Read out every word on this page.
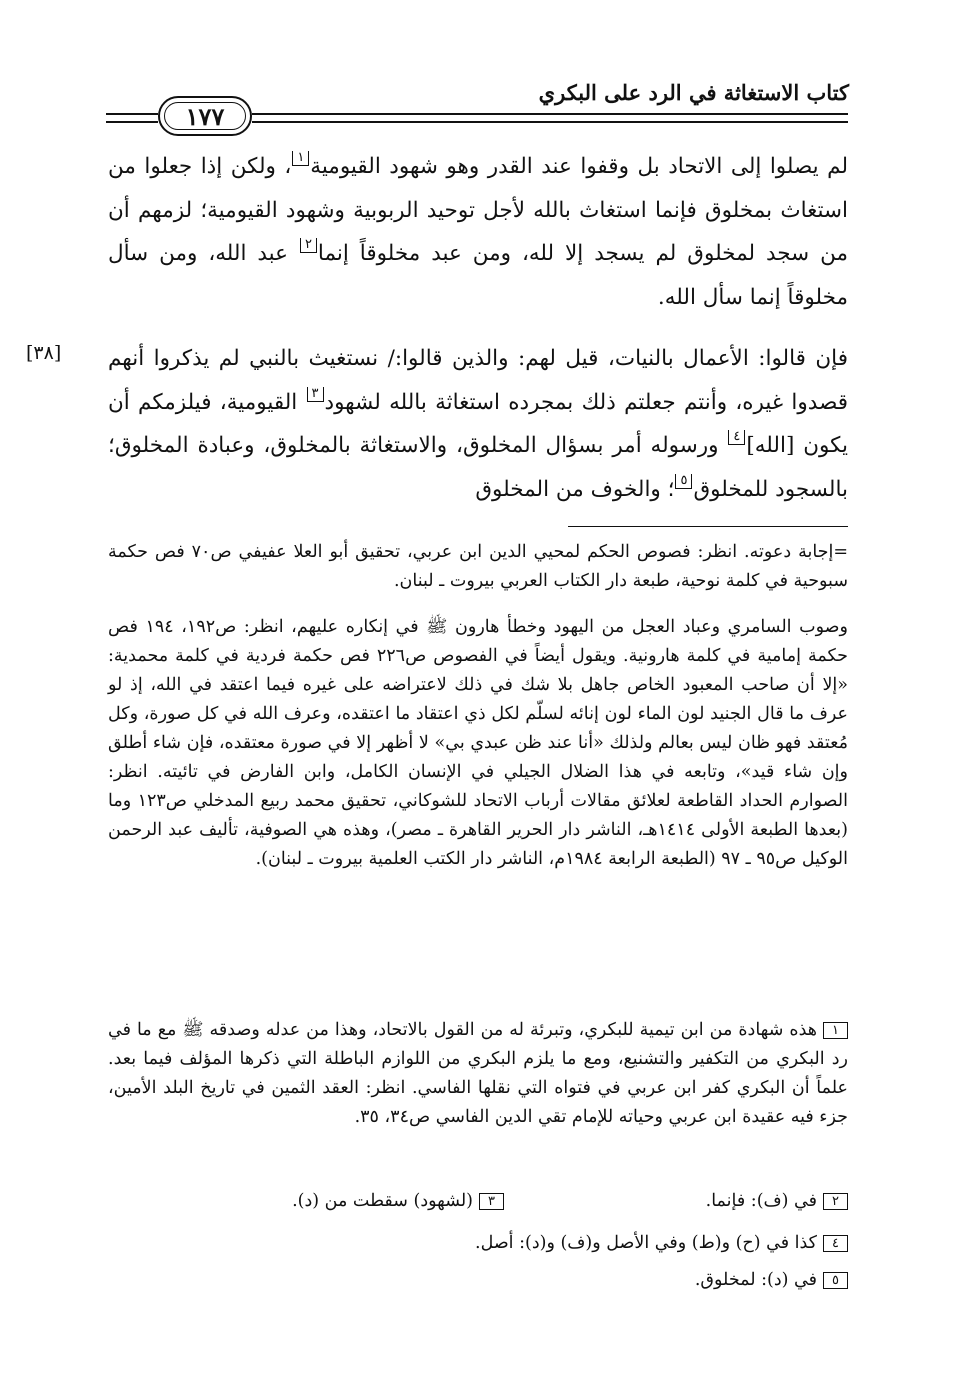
كتاب الاستغاثة في الرد على البكري
١٧٧
لم يصلوا إلى الاتحاد بل وقفوا عند القدر وهو شهود القيومية١، ولكن إذا جعلوا من استغاث بمخلوق فإنما استغاث بالله لأجل توحيد الربوبية وشهود القيومية؛ لزمهم أن من سجد لمخلوق لم يسجد إلا لله، ومن عبد مخلوقاً إنما٢ عبد الله، ومن سأل مخلوقاً إنما سأل الله.
[٣٨] فإن قالوا: الأعمال بالنيات، قيل لهم: والذين قالوا:/ نستغيث بالنبي لم يذكروا أنهم قصدوا غيره، وأنتم جعلتم ذلك بمجرده استغاثة بالله لشهود٣ القيومية، فيلزمكم أن يكون [الله]٤ ورسوله أمر بسؤال المخلوق، والاستغاثة بالمخلوق، وعبادة المخلوق؛ بالسجود للمخلوق٥؛ والخوف من المخلوق
=إجابة دعوته. انظر: فصوص الحكم لمحيي الدين ابن عربي، تحقيق أبو العلا عفيفي ص٧٠ فص حكمة سبوحية في كلمة نوحية، طبعة دار الكتاب العربي بيروت ـ لبنان.
وصوب السامري وعباد العجل من اليهود وخطأ هارون ﷺ في إنكاره عليهم، انظر: ص١٩٢، ١٩٤ فص حكمة إمامية في كلمة هارونية. ويقول أيضاً في الفصوص ص٢٢٦ فص حكمة فردية في كلمة محمدية: «إلا أن صاحب المعبود الخاص جاهل بلا شك في ذلك لاعتراضه على غيره فيما اعتقد في الله، إذ لو عرف ما قال الجنيد لون الماء لون إنائه لسلّم لكل ذي اعتقاد ما اعتقده، وعرف الله في كل صورة، وكل مُعتقد فهو ظان ليس بعالم ولذلك «أنا عند ظن عبدي بي» لا أظهر إلا في صورة معتقده، فإن شاء أطلق وإن شاء قيد»، وتابعه في هذا الضلال الجيلي في الإنسان الكامل، وابن الفارض في تائيته. انظر: الصوارم الحداد القاطعة لعلائق مقالات أرباب الاتحاد للشوكاني، تحقيق محمد ربيع المدخلي ص١٢٣ وما (بعدها الطبعة الأولى ١٤١٤هـ، الناشر دار الحرير القاهرة ـ مصر)، وهذه هي الصوفية، تأليف عبد الرحمن الوكيل ص٩٥ ـ ٩٧ (الطبعة الرابعة ١٩٨٤م، الناشر دار الكتب العلمية بيروت ـ لبنان).
١هذه شهادة من ابن تيمية للبكري، وتبرئة له من القول بالاتحاد، وهذا من عدله وصدقه ﷺ مع ما في رد البكري من التكفير والتشنيع، ومع ما يلزم البكري من اللوازم الباطلة التي ذكرها المؤلف فيما بعد. علماً أن البكري كفر ابن عربي في فتواه التي نقلها الفاسي. انظر: العقد الثمين في تاريخ البلد الأمين، جزء فيه عقيدة ابن عربي وحياته للإمام تقي الدين الفاسي ص٣٤، ٣٥.
٢في (ف): فإنما.
٣(لشهود) سقطت من (د).
٤كذا في (ح) و(ط) وفي الأصل و(ف) و(د): أصل.
٥في (د): لمخلوق.
